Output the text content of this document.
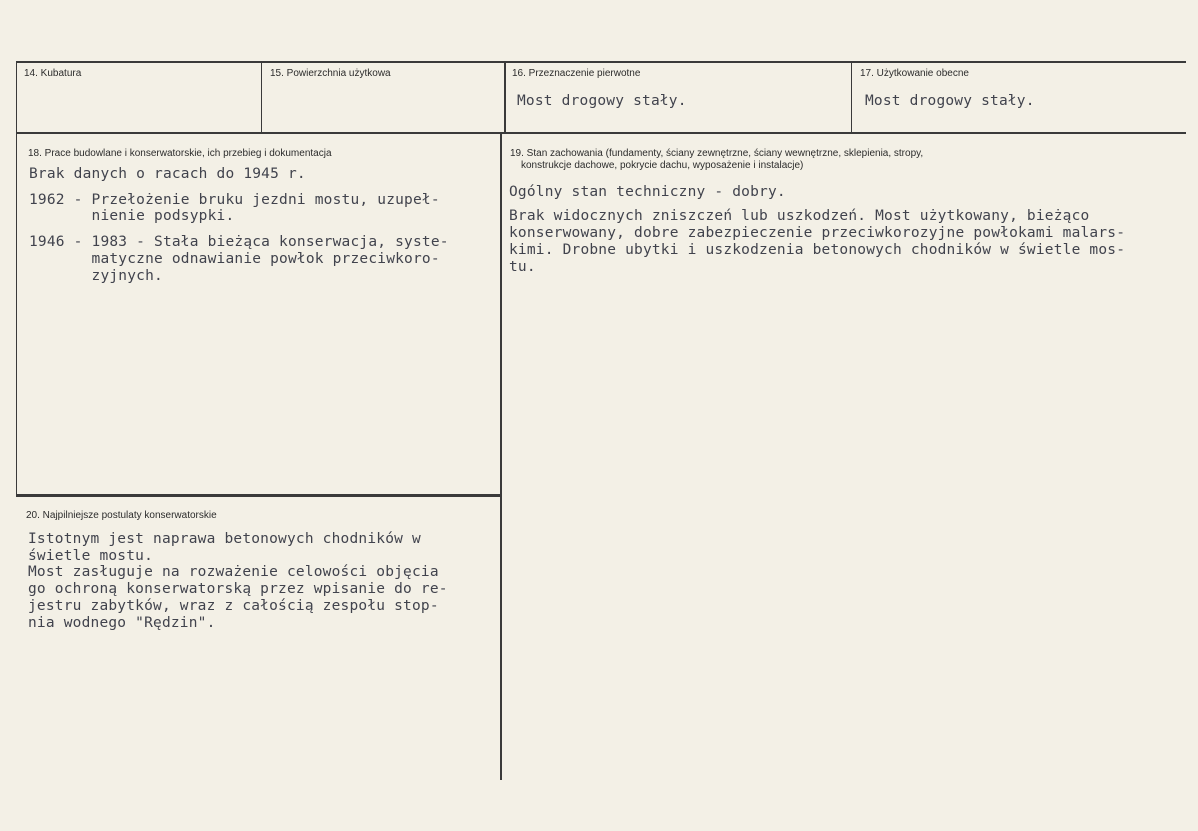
14. Kubatura	15. Powierzchnia użytkowa	16. Przeznaczenie pierwotne
Most drogowy stały.
17. Użytkowanie obecne
Most drogowy stały.
18. Prace budowlane i konserwatorskie, ich przebieg i dokumentacja
Brak danych o racach do 1945 r.
1962 - Przełożenie bruku jezdni mostu, uzupeł-
nienie podsypki.
1946 - 1983 - Stała bieżąca konserwacja, syste-
matyczne odnawianie powłok przeciwkoro-
zyjnych.
19. Stan zachowania (fundamenty, ściany zewnętrzne, ściany wewnętrzne, sklepienia, stropy,
konstrukcje dachowe, pokrycie dachu, wyposażenie i instalacje)
Ogólny stan techniczny - dobry.
Brak widocznych zniszczeń lub uszkodzeń. Most użytkowany, bieżąco
konserwowany, dobre zabezpieczenie przeciwkorozyjne powłokami malars-
kimi. Drobne ubytki i uszkodzenia betonowych chodników w świetle mos-
tu.
20. Najpilniejsze postulaty konserwatorskie
Istotnym jest naprawa betonowych chodników w
świetle mostu.
Most zasługuje na rozważenie celowości objęcia
go ochroną konserwatorską przez wpisanie do re-
jestru zabytków, wraz z całością zespołu stop-
nia wodnego "Rędzin".
